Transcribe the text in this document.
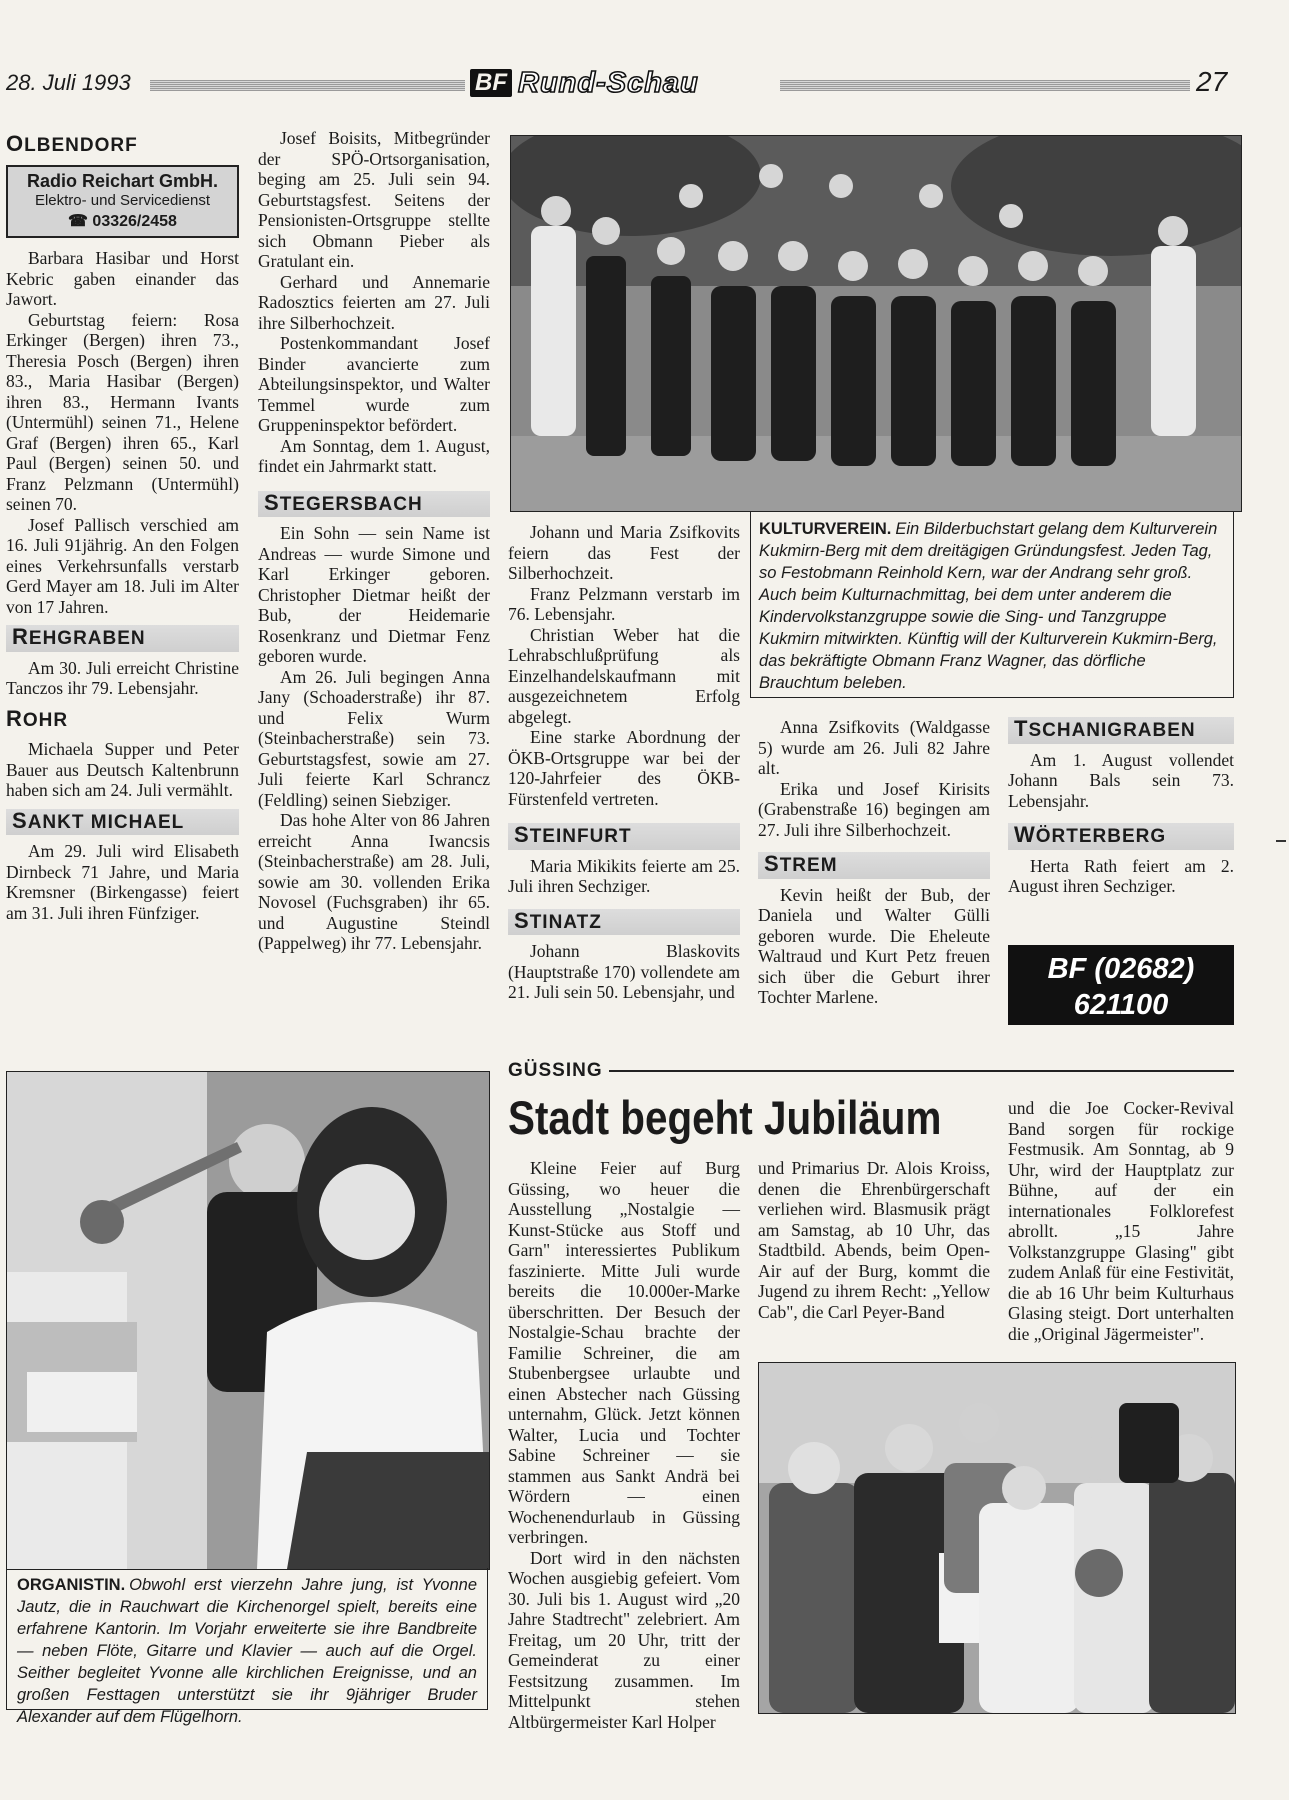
28. Juli 1993	BF Rund-Schau	27
OLBENDORF
Radio Reichart GmbH.
Elektro- und Servicedienst
☎ 03326/2458

Barbara Hasibar und Horst Kebric gaben einander das Jawort.

Geburtstag feiern: Rosa Erkinger (Bergen) ihren 73., Theresia Posch (Bergen) ihren 83., Maria Hasibar (Bergen) ihren 83., Hermann Ivants (Untermühl) seinen 71., Helene Graf (Bergen) ihren 65., Karl Paul (Bergen) seinen 50. und Franz Pelzmann (Untermühl) seinen 70.

Josef Pallisch verschied am 16. Juli 91jährig. An den Folgen eines Verkehrsunfalls verstarb Gerd Mayer am 18. Juli im Alter von 17 Jahren.

REHGRABEN

Am 30. Juli erreicht Christine Tanczos ihr 79. Lebensjahr.

ROHR

Michaela Supper und Peter Bauer aus Deutsch Kaltenbrunn haben sich am 24. Juli vermählt.

SANKT MICHAEL

Am 29. Juli wird Elisabeth Dirnbeck 71 Jahre, und Maria Kremsner (Birkengasse) feiert am 31. Juli ihren Fünfziger.

Josef Boisits, Mitbegründer der SPÖ-Ortsorganisation, beging am 25. Juli sein 94. Geburtstagsfest. Seitens der Pensionisten-Ortsgruppe stellte sich Obmann Pieber als Gratulant ein.

Gerhard und Annemarie Radosztics feierten am 27. Juli ihre Silberhochzeit.

Postenkommandant Josef Binder avancierte zum Abteilungsinspektor, und Walter Temmel wurde zum Gruppeninspektor befördert.

Am Sonntag, dem 1. August, findet ein Jahrmarkt statt.

STEGERSBACH

Ein Sohn — sein Name ist Andreas — wurde Simone und Karl Erkinger geboren. Christopher Dietmar heißt der Bub, der Heidemarie Rosenkranz und Dietmar Fenz geboren wurde.

Am 26. Juli begingen Anna Jany (Schoaderstraße) ihr 87. und Felix Wurm (Steinbacherstraße) sein 73. Geburtstagsfest, sowie am 27. Juli feierte Karl Schrancz (Feldling) seinen Siebziger.

Das hohe Alter von 86 Jahren erreicht Anna Iwancsis (Steinbacherstraße) am 28. Juli, sowie am 30. vollenden Erika Novosel (Fuchsgraben) ihr 65. und Augustine Steindl (Pappelweg) ihr 77. Lebensjahr.

Johann und Maria Zsifkovits feiern das Fest der Silberhochzeit.

Franz Pelzmann verstarb im 76. Lebensjahr.

Christian Weber hat die Lehrabschlußprüfung als Einzelhandelskaufmann mit ausgezeichnetem Erfolg abgelegt.

Eine starke Abordnung der ÖKB-Ortsgruppe war bei der 120-Jahrfeier des ÖKB-Fürstenfeld vertreten.

STEINFURT

Maria Mikikits feierte am 25. Juli ihren Sechziger.

STINATZ

Johann Blaskovits (Hauptstraße 170) vollendete am 21. Juli sein 50. Lebensjahr, und

KULTURVEREIN. Ein Bilderbuchstart gelang dem Kulturverein Kukmirn-Berg mit dem dreitägigen Gründungsfest. Jeden Tag, so Festobmann Reinhold Kern, war der Andrang sehr groß. Auch beim Kulturnachmittag, bei dem unter anderem die Kindervolkstanzgruppe sowie die Sing- und Tanzgruppe Kukmirn mitwirkten. Künftig will der Kulturverein Kukmirn-Berg, das bekräftigte Obmann Franz Wagner, das dörfliche Brauchtum beleben.

Anna Zsifkovits (Waldgasse 5) wurde am 26. Juli 82 Jahre alt.

Erika und Josef Kirisits (Grabenstraße 16) begingen am 27. Juli ihre Silberhochzeit.

STREM

Kevin heißt der Bub, der Daniela und Walter Gülli geboren wurde. Die Eheleute Waltraud und Kurt Petz freuen sich über die Geburt ihrer Tochter Marlene.

TSCHANIGRABEN

Am 1. August vollendet Johann Bals sein 73. Lebensjahr.

WÖRTERBERG

Herta Rath feiert am 2. August ihren Sechziger.

BF (02682)
621100
ORGANISTIN. Obwohl erst vierzehn Jahre jung, ist Yvonne Jautz, die in Rauchwart die Kirchenorgel spielt, bereits eine erfahrene Kantorin. Im Vorjahr erweiterte sie ihre Bandbreite — neben Flöte, Gitarre und Klavier — auch auf die Orgel. Seither begleitet Yvonne alle kirchlichen Ereignisse, und an großen Festtagen unterstützt sie ihr 9jähriger Bruder Alexander auf dem Flügelhorn.
GÜSSING
Stadt begeht Jubiläum

Kleine Feier auf Burg Güssing, wo heuer die Ausstellung „Nostalgie — Kunst-Stücke aus Stoff und Garn" interessiertes Publikum faszinierte. Mitte Juli wurde bereits die 10.000er-Marke überschritten. Der Besuch der Nostalgie-Schau brachte der Familie Schreiner, die am Stubenbergsee urlaubte und einen Abstecher nach Güssing unternahm, Glück. Jetzt können Walter, Lucia und Tochter Sabine Schreiner — sie stammen aus Sankt Andrä bei Wördern — einen Wochenendurlaub in Güssing verbringen.

Dort wird in den nächsten Wochen ausgiebig gefeiert. Vom 30. Juli bis 1. August wird „20 Jahre Stadtrecht" zelebriert. Am Freitag, um 20 Uhr, tritt der Gemeinderat zu einer Festsitzung zusammen. Im Mittelpunkt stehen Altbürgermeister Karl Holper

und Primarius Dr. Alois Kroiss, denen die Ehrenbürgerschaft verliehen wird. Blasmusik prägt am Samstag, ab 10 Uhr, das Stadtbild. Abends, beim Open-Air auf der Burg, kommt die Jugend zu ihrem Recht: „Yellow Cab", die Carl Peyer-Band

und die Joe Cocker-Revival Band sorgen für rockige Festmusik. Am Sonntag, ab 9 Uhr, wird der Hauptplatz zur Bühne, auf der ein internationales Folklorefest abrollt. „15 Jahre Volkstanzgruppe Glasing" gibt zudem Anlaß für eine Festivität, die ab 16 Uhr beim Kulturhaus Glasing steigt. Dort unterhalten die „Original Jägermeister".
